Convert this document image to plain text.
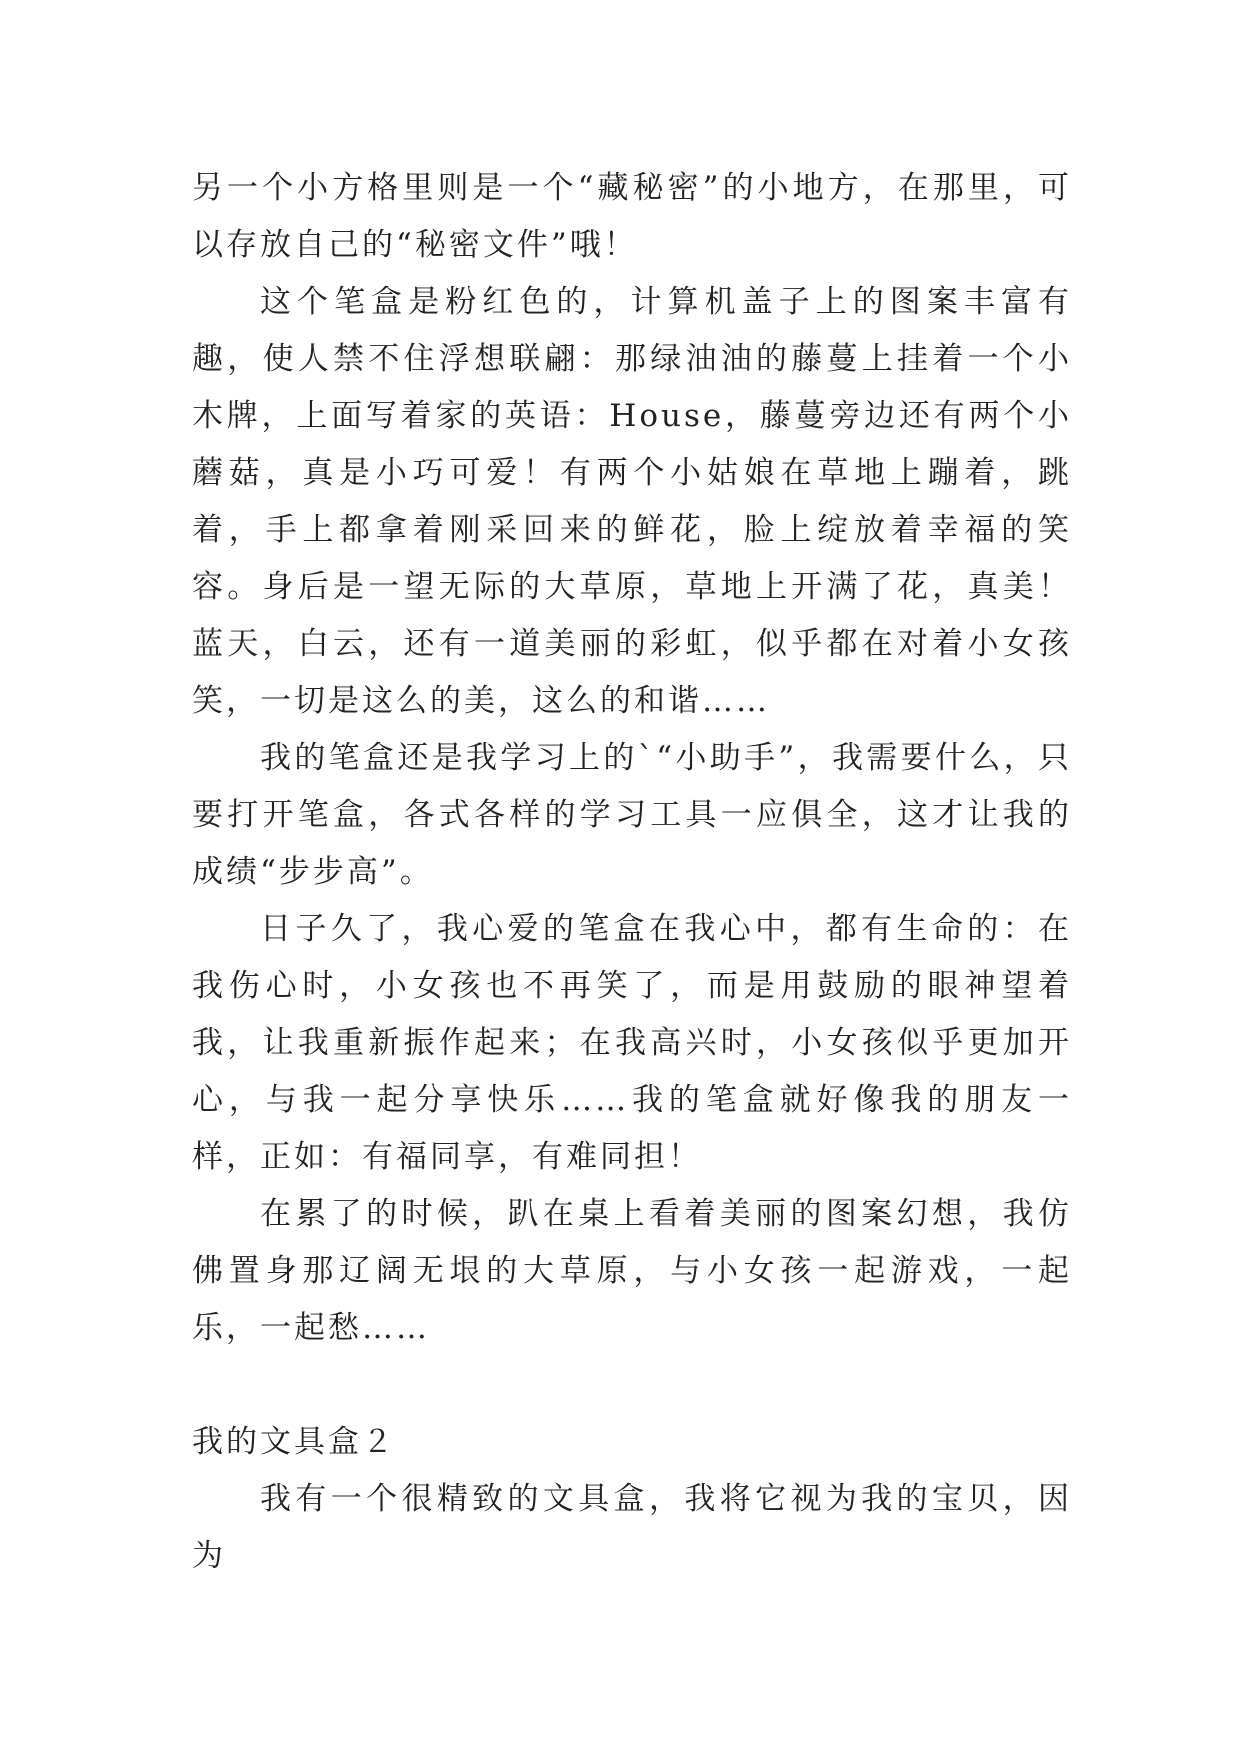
另一个小方格里则是一个“藏秘密”的小地方，在那里，可以存放自己的“秘密文件”哦！

这个笔盒是粉红色的，计算机盖子上的图案丰富有趣，使人禁不住浮想联翩：那绿油油的藤蔓上挂着一个小木牌，上面写着家的英语：House，藤蔓旁边还有两个小蘑菇，真是小巧可爱！有两个小姑娘在草地上蹦着，跳着，手上都拿着刚采回来的鲜花，脸上绽放着幸福的笑容。身后是一望无际的大草原，草地上开满了花，真美！蓝天，白云，还有一道美丽的彩虹，似乎都在对着小女孩笑，一切是这么的美，这么的和谐……

我的笔盒还是我学习上的`“小助手”，我需要什么，只要打开笔盒，各式各样的学习工具一应俱全，这才让我的成绩“步步高”。

日子久了，我心爱的笔盒在我心中，都有生命的：在我伤心时，小女孩也不再笑了，而是用鼓励的眼神望着我，让我重新振作起来；在我高兴时，小女孩似乎更加开心，与我一起分享快乐……我的笔盒就好像我的朋友一样，正如：有福同享，有难同担！

在累了的时候，趴在桌上看着美丽的图案幻想，我仿佛置身那辽阔无垠的大草原，与小女孩一起游戏，一起乐，一起愁……

我的文具盒２

我有一个很精致的文具盒，我将它视为我的宝贝，因为
